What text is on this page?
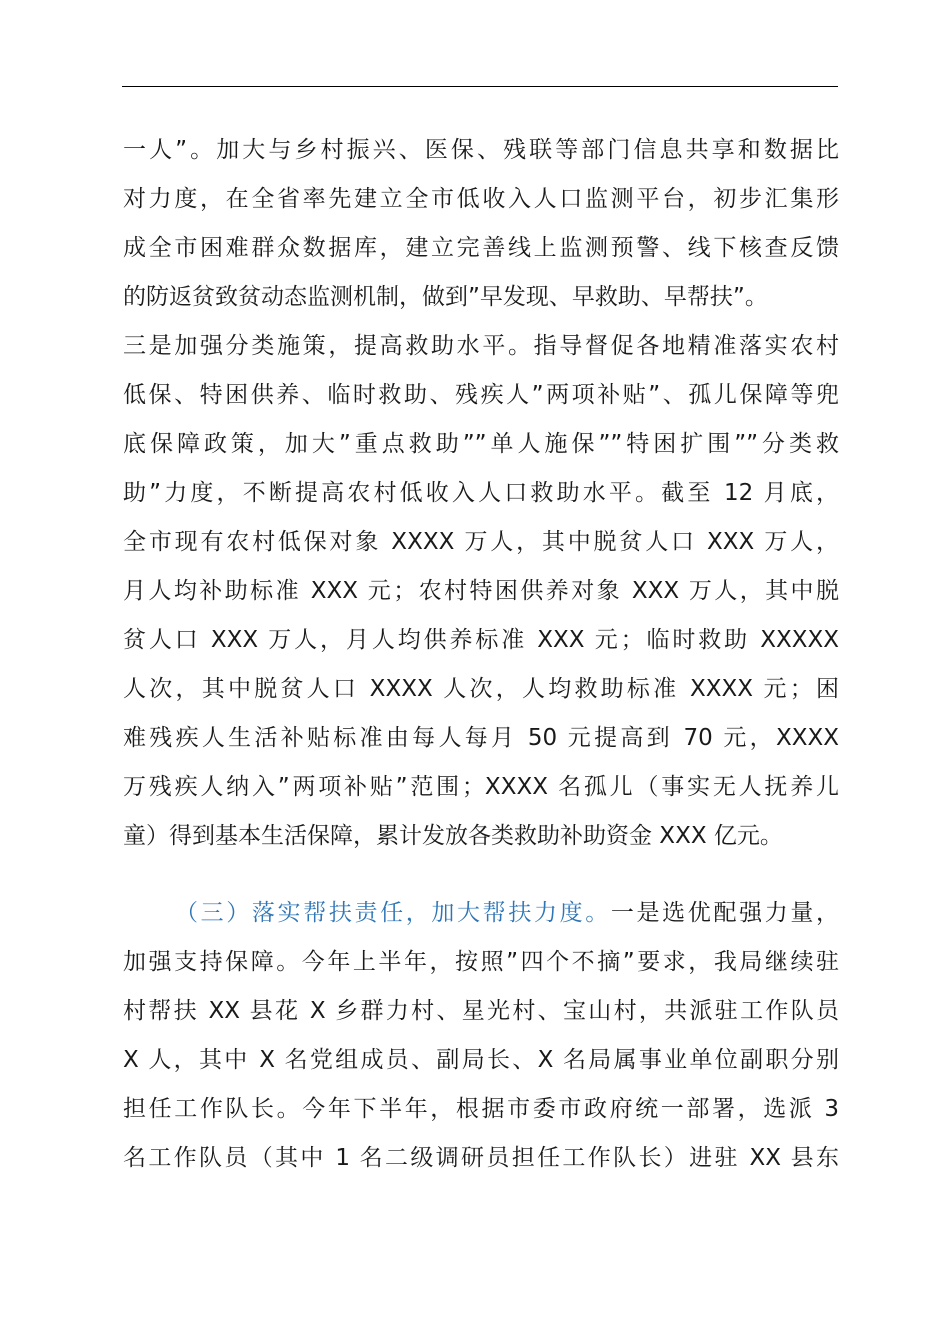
一人”。加大与乡村振兴、医保、残联等部门信息共享和数据比
对力度，在全省率先建立全市低收入人口监测平台，初步汇集形
成全市困难群众数据库，建立完善线上监测预警、线下核查反馈
的防返贫致贫动态监测机制，做到”早发现、早救助、早帮扶”。
三是加强分类施策，提高救助水平。指导督促各地精准落实农村
低保、特困供养、临时救助、残疾人”两项补贴”、孤儿保障等兜
底保障政策，加大”重点救助””单人施保””特困扩围””分类救
助”力度，不断提高农村低收入人口救助水平。截至 12 月底，
全市现有农村低保对象 XXXX 万人，其中脱贫人口 XXX 万人，
月人均补助标准 XXX 元；农村特困供养对象 XXX 万人，其中脱
贫人口 XXX 万人，月人均供养标准 XXX 元；临时救助 XXXXX
人次，其中脱贫人口 XXXX 人次，人均救助标准 XXXX 元；困
难残疾人生活补贴标准由每人每月 50 元提高到 70 元，XXXX
万残疾人纳入”两项补贴”范围；XXXX 名孤儿（事实无人抚养儿
童）得到基本生活保障，累计发放各类救助补助资金 XXX 亿元。
（三）落实帮扶责任，加大帮扶力度。一是选优配强力量，
加强支持保障。今年上半年，按照”四个不摘”要求，我局继续驻
村帮扶 XX 县花 X 乡群力村、星光村、宝山村，共派驻工作队员
X 人，其中 X 名党组成员、副局长、X 名局属事业单位副职分别
担任工作队长。今年下半年，根据市委市政府统一部署，选派 3
名工作队员（其中 1 名二级调研员担任工作队长）进驻 XX 县东
